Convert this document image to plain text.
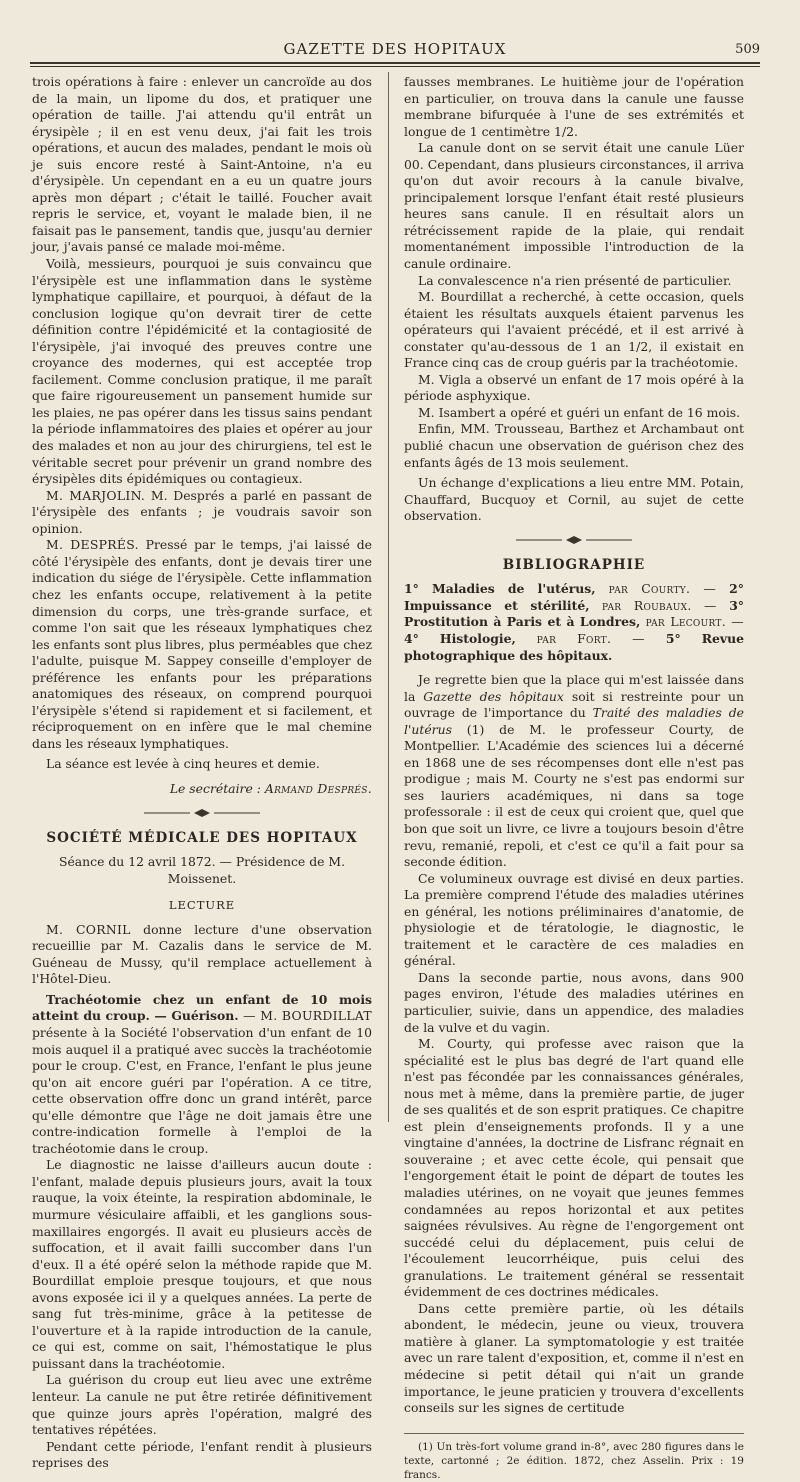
GAZETTE DES HOPITAUX	509

trois opérations à faire : enlever un cancroïde au dos de la main, un lipome du dos, et pratiquer une opération de taille. J'ai attendu qu'il entrât un érysipèle ; il en est venu deux, j'ai fait les trois opérations, et aucun des malades, pendant le mois où je suis encore resté à Saint-Antoine, n'a eu d'érysipèle. Un cependant en a eu un quatre jours après mon départ ; c'était le taillé. Foucher avait repris le service, et, voyant le malade bien, il ne faisait pas le pansement, tandis que, jusqu'au dernier jour, j'avais pansé ce malade moi-même.

Voilà, messieurs, pourquoi je suis convaincu que l'érysipèle est une inflammation dans le système lymphatique capillaire, et pourquoi, à défaut de la conclusion logique qu'on devrait tirer de cette définition contre l'épidémicité et la contagiosité de l'érysipèle, j'ai invoqué des preuves contre une croyance des modernes, qui est acceptée trop facilement. Comme conclusion pratique, il me paraît que faire rigoureusement un pansement humide sur les plaies, ne pas opérer dans les tissus sains pendant la période inflammatoires des plaies et opérer au jour des malades et non au jour des chirurgiens, tel est le véritable secret pour prévenir un grand nombre des érysipèles dits épidémiques ou contagieux.

M. MARJOLIN. M. Després a parlé en passant de l'érysipèle des enfants ; je voudrais savoir son opinion.

M. DESPRÉS. Pressé par le temps, j'ai laissé de côté l'érysipèle des enfants, dont je devais tirer une indication du siége de l'érysipèle. Cette inflammation chez les enfants occupe, relativement à la petite dimension du corps, une très-grande surface, et comme l'on sait que les réseaux lymphatiques chez les enfants sont plus libres, plus perméables que chez l'adulte, puisque M. Sappey conseille d'employer de préférence les enfants pour les préparations anatomiques des réseaux, on comprend pourquoi l'érysipèle s'étend si rapidement et si facilement, et réciproquement on en infère que le mal chemine dans les réseaux lymphatiques.

La séance est levée à cinq heures et demie.

Le secrétaire : Armand Després.

SOCIÉTÉ MÉDICALE DES HOPITAUX

Séance du 12 avril 1872. — Présidence de M. Moissenet.

LECTURE

M. CORNIL donne lecture d'une observation recueillie par M. Cazalis dans le service de M. Guéneau de Mussy, qu'il remplace actuellement à l'Hôtel-Dieu.

Trachéotomie chez un enfant de 10 mois atteint du croup. — Guérison. — M. BOURDILLAT présente à la Société l'observation d'un enfant de 10 mois auquel il a pratiqué avec succès la trachéotomie pour le croup. C'est, en France, l'enfant le plus jeune qu'on ait encore guéri par l'opération. A ce titre, cette observation offre donc un grand intérêt, parce qu'elle démontre que l'âge ne doit jamais être une contre-indication formelle à l'emploi de la trachéotomie dans le croup.

Le diagnostic ne laisse d'ailleurs aucun doute : l'enfant, malade depuis plusieurs jours, avait la toux rauque, la voix éteinte, la respiration abdominale, le murmure vésiculaire affaibli, et les ganglions sous-maxillaires engorgés. Il avait eu plusieurs accès de suffocation, et il avait failli succomber dans l'un d'eux. Il a été opéré selon la méthode rapide que M. Bourdillat emploie presque toujours, et que nous avons exposée ici il y a quelques années. La perte de sang fut très-minime, grâce à la petitesse de l'ouverture et à la rapide introduction de la canule, ce qui est, comme on sait, l'hémostatique le plus puissant dans la trachéotomie.

La guérison du croup eut lieu avec une extrême lenteur. La canule ne put être retirée définitivement que quinze jours après l'opération, malgré des tentatives répétées.

Pendant cette période, l'enfant rendit à plusieurs reprises des

fausses membranes. Le huitième jour de l'opération en particulier, on trouva dans la canule une fausse membrane bifurquée à l'une de ses extrémités et longue de 1 centimètre 1/2.

La canule dont on se servit était une canule Lüer 00. Cependant, dans plusieurs circonstances, il arriva qu'on dut avoir recours à la canule bivalve, principalement lorsque l'enfant était resté plusieurs heures sans canule. Il en résultait alors un rétrécissement rapide de la plaie, qui rendait momentanément impossible l'introduction de la canule ordinaire.

La convalescence n'a rien présenté de particulier.

M. Bourdillat a recherché, à cette occasion, quels étaient les résultats auxquels étaient parvenus les opérateurs qui l'avaient précédé, et il est arrivé à constater qu'au-dessous de 1 an 1/2, il existait en France cinq cas de croup guéris par la trachéotomie.

M. Vigla a observé un enfant de 17 mois opéré à la période asphyxique.

M. Isambert a opéré et guéri un enfant de 16 mois.

Enfin, MM. Trousseau, Barthez et Archambaut ont publié chacun une observation de guérison chez des enfants âgés de 13 mois seulement.

Un échange d'explications a lieu entre MM. Potain, Chauffard, Bucquoy et Cornil, au sujet de cette observation.

BIBLIOGRAPHIE

1° Maladies de l'utérus, par Courty. — 2° Impuissance et stérilité, par Roubaux. — 3° Prostitution à Paris et à Londres, par Lecourt. — 4° Histologie, par Fort. — 5° Revue photographique des hôpitaux.

Je regrette bien que la place qui m'est laissée dans la Gazette des hôpitaux soit si restreinte pour un ouvrage de l'importance du Traité des maladies de l'utérus (1) de M. le professeur Courty, de Montpellier. L'Académie des sciences lui a décerné en 1868 une de ses récompenses dont elle n'est pas prodigue ; mais M. Courty ne s'est pas endormi sur ses lauriers académiques, ni dans sa toge professorale : il est de ceux qui croient que, quel que bon que soit un livre, ce livre a toujours besoin d'être revu, remanié, repoli, et c'est ce qu'il a fait pour sa seconde édition.

Ce volumineux ouvrage est divisé en deux parties. La première comprend l'étude des maladies utérines en général, les notions préliminaires d'anatomie, de physiologie et de tératologie, le diagnostic, le traitement et le caractère de ces maladies en général.

Dans la seconde partie, nous avons, dans 900 pages environ, l'étude des maladies utérines en particulier, suivie, dans un appendice, des maladies de la vulve et du vagin.

M. Courty, qui professe avec raison que la spécialité est le plus bas degré de l'art quand elle n'est pas fécondée par les connaissances générales, nous met à même, dans la première partie, de juger de ses qualités et de son esprit pratiques. Ce chapitre est plein d'enseignements profonds. Il y a une vingtaine d'années, la doctrine de Lisfranc régnait en souveraine ; et avec cette école, qui pensait que l'engorgement était le point de départ de toutes les maladies utérines, on ne voyait que jeunes femmes condamnées au repos horizontal et aux petites saignées révulsives. Au règne de l'engorgement ont succédé celui du déplacement, puis celui de l'écoulement leucorrhéique, puis celui des granulations. Le traitement général se ressentait évidemment de ces doctrines médicales.

Dans cette première partie, où les détails abondent, le médecin, jeune ou vieux, trouvera matière à glaner. La symptomatologie y est traitée avec un rare talent d'exposition, et, comme il n'est en médecine si petit détail qui n'ait un grande importance, le jeune praticien y trouvera d'excellents conseils sur les signes de certitude

(1) Un très-fort volume grand in-8°, avec 280 figures dans le texte, cartonné ; 2e édition. 1872, chez Asselin. Prix : 19 francs.
